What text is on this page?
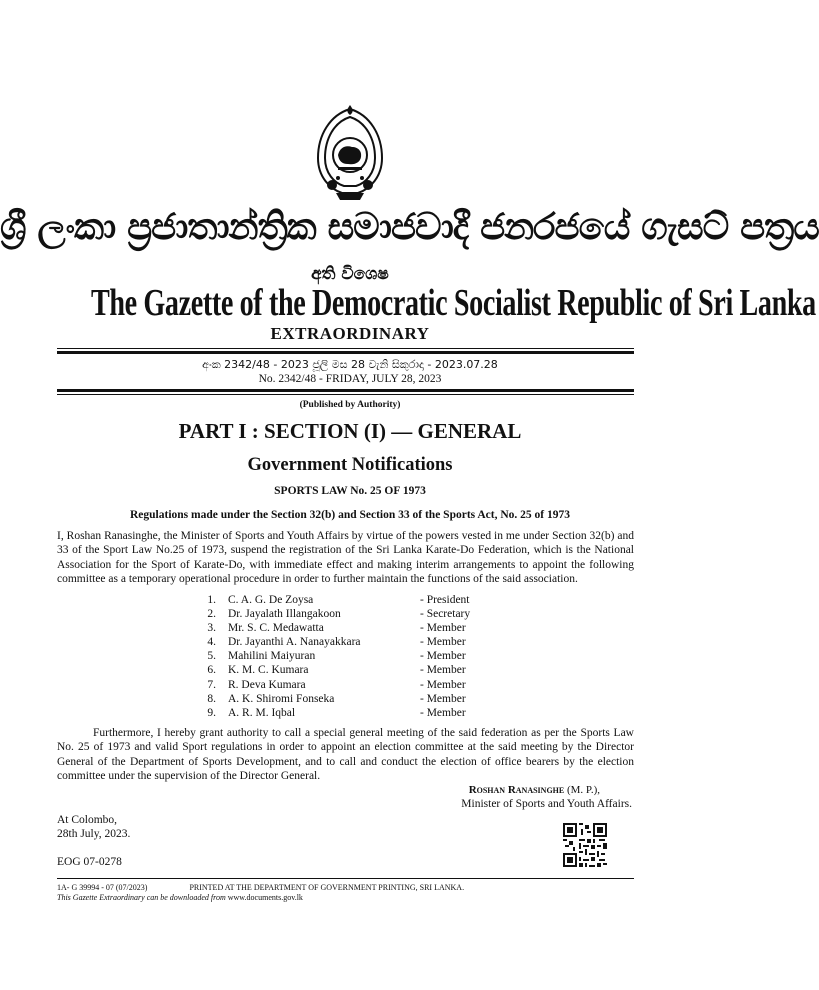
ශ්‍රී ලංකා ප්‍රජාතාන්ත්‍රික සමාජවාදී ජනරජයේ ගැසට් පත්‍රය
අති විශෙෂ
The Gazette of the Democratic Socialist Republic of Sri Lanka
EXTRAORDINARY
අංක 2342/48 - 2023 ජූලි මස 28 වැනි සිකුරාදා - 2023.07.28
No. 2342/48 - FRIDAY, JULY 28, 2023
(Published by Authority)
PART I : SECTION (I) — GENERAL
Government Notifications
SPORTS LAW No. 25 OF 1973
Regulations made under the Section 32(b) and Section 33 of the Sports Act, No. 25 of 1973
I, Roshan Ranasinghe, the Minister of Sports and Youth Affairs by virtue of the powers vested in me under Section 32(b) and 33 of the Sport Law No.25 of 1973, suspend the registration of the Sri Lanka Karate-Do Federation, which is the National Association for the Sport of Karate-Do, with immediate effect and making interim arrangements to appoint the following committee as a temporary operational procedure in order to further maintain the functions of the said association.
1. C. A. G. De Zoysa	- President
2. Dr. Jayalath Illangakoon	- Secretary
3. Mr. S. C. Medawatta	- Member
4. Dr. Jayanthi A. Nanayakkara	- Member
5. Mahilini Maiyuran	- Member
6. K. M. C. Kumara	- Member
7. R. Deva Kumara	- Member
8. A. K. Shiromi Fonseka	- Member
9. A. R. M. Iqbal	- Member
Furthermore, I hereby grant authority to call a special general meeting of the said federation as per the Sports Law No. 25 of 1973 and valid Sport regulations in order to appoint an election committee at the said meeting by the Director General of the Department of Sports Development, and to call and conduct the election of office bearers by the election committee under the supervision of the Director General.
Roshan Ranasinghe (M. P.),
Minister of Sports and Youth Affairs.
At Colombo,
28th July, 2023.
EOG 07-0278
1A- G 39994 - 07 (07/2023)	PRINTED AT THE DEPARTMENT OF GOVERNMENT PRINTING, SRI LANKA.
This Gazette Extraordinary can be downloaded from www.documents.gov.lk
